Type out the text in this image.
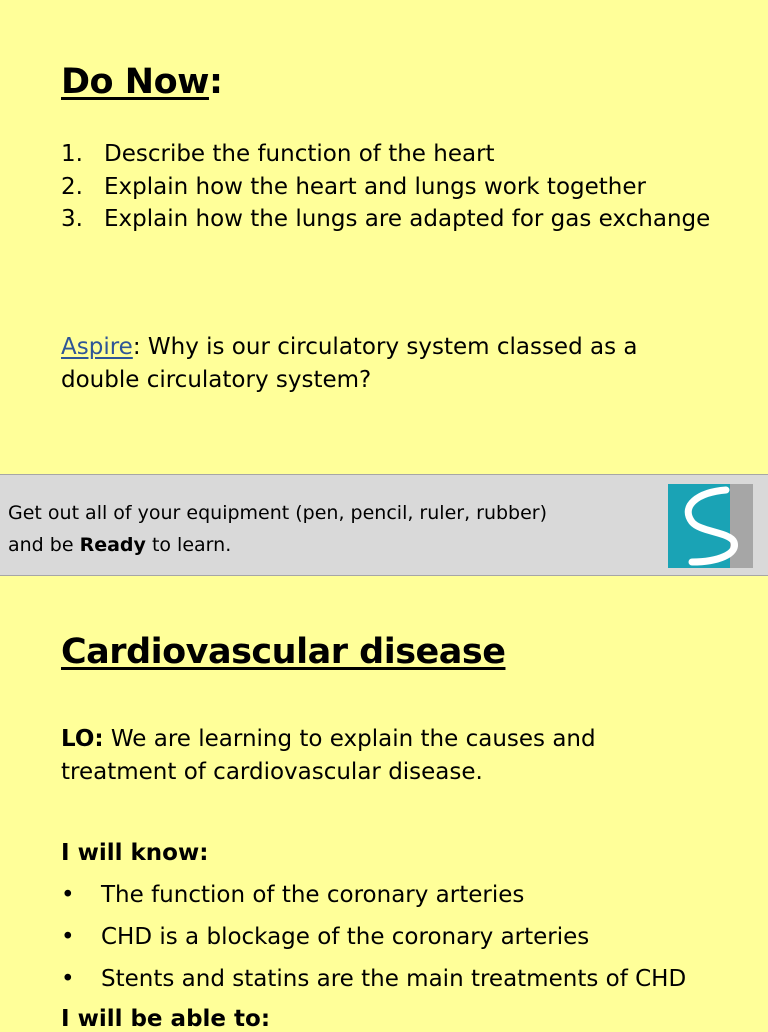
Do Now:
1. Describe the function of the heart
2. Explain how the heart and lungs work together
3. Explain how the lungs are adapted for gas exchange

Aspire: Why is our circulatory system classed as a double circulatory system?

Get out all of your equipment (pen, pencil, ruler, rubber)
and be Ready to learn.
Cardiovascular disease

LO: We are learning to explain the causes and treatment of cardiovascular disease.

I will know:

• The function of the coronary arteries
• CHD is a blockage of the coronary arteries
• Stents and statins are the main treatments of CHD

I will be able to:
